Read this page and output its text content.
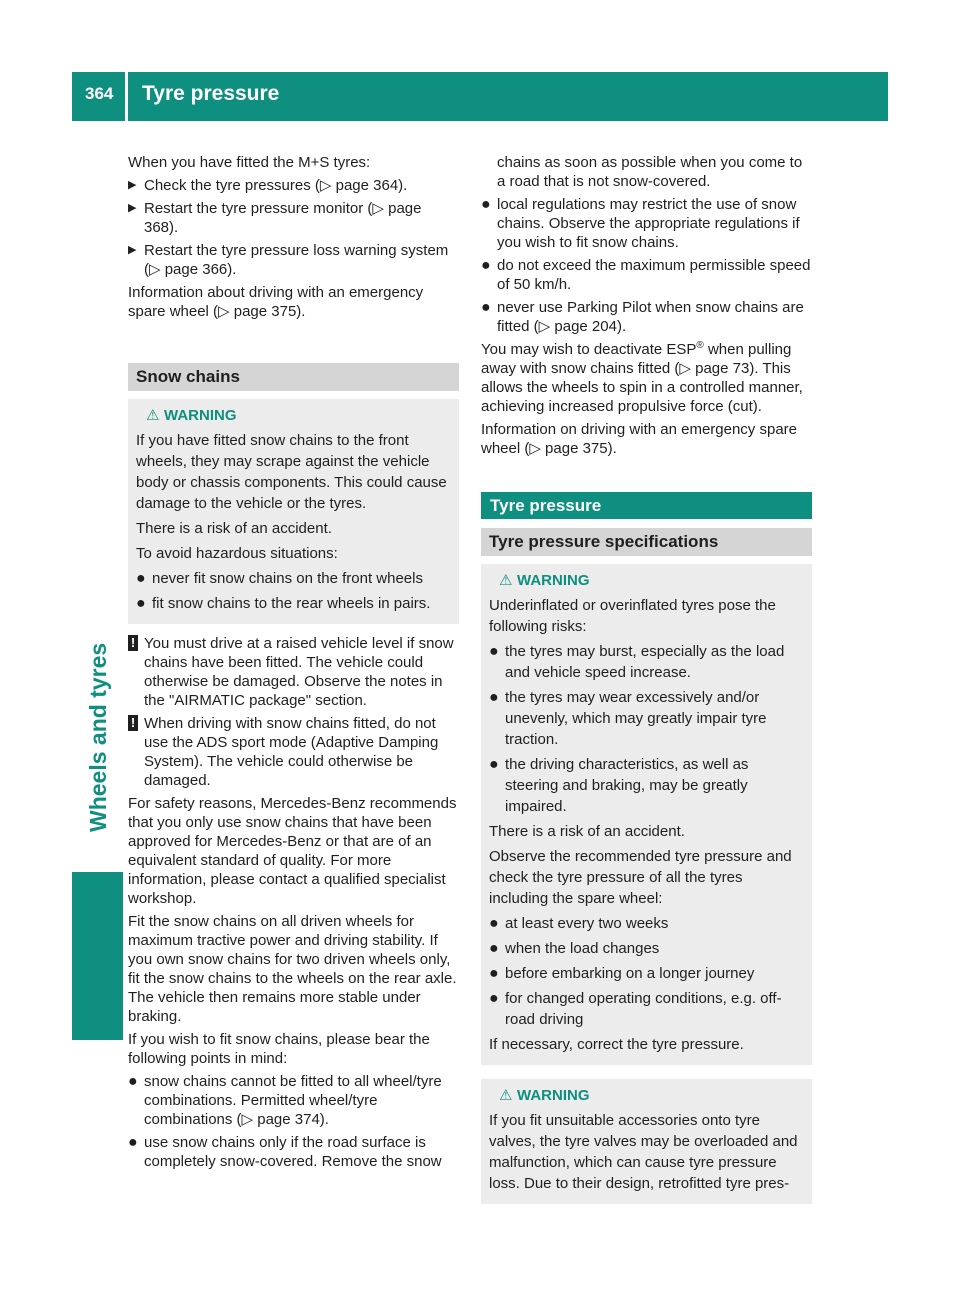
364 Tyre pressure
Wheels and tyres

When you have fitted the M+S tyres:

▶ Check the tyre pressures (▷ page 364).
▶ Restart the tyre pressure monitor (▷ page 368).
▶ Restart the tyre pressure loss warning system (▷ page 366).

Information about driving with an emergency spare wheel (▷ page 375).

Snow chains
⚠ WARNING

If you have fitted snow chains to the front wheels, they may scrape against the vehicle body or chassis components. This could cause damage to the vehicle or the tyres.

There is a risk of an accident.

To avoid hazardous situations:

● never fit snow chains on the front wheels
● fit snow chains to the rear wheels in pairs.
! You must drive at a raised vehicle level if snow chains have been fitted. The vehicle could otherwise be damaged. Observe the notes in the "AIRMATIC package" section.
! When driving with snow chains fitted, do not use the ADS sport mode (Adaptive Damping System). The vehicle could otherwise be damaged.

For safety reasons, Mercedes-Benz recommends that you only use snow chains that have been approved for Mercedes-Benz or that are of an equivalent standard of quality. For more information, please contact a qualified specialist workshop.

Fit the snow chains on all driven wheels for maximum tractive power and driving stability. If you own snow chains for two driven wheels only, fit the snow chains to the wheels on the rear axle. The vehicle then remains more stable under braking.

If you wish to fit snow chains, please bear the following points in mind:

● snow chains cannot be fitted to all wheel/tyre combinations. Permitted wheel/tyre combinations (▷ page 374).
● use snow chains only if the road surface is completely snow-covered. Remove the snow

chains as soon as possible when you come to a road that is not snow-covered.

● local regulations may restrict the use of snow chains. Observe the appropriate regulations if you wish to fit snow chains.
● do not exceed the maximum permissible speed of 50 km/h.
● never use Parking Pilot when snow chains are fitted (▷ page 204).

You may wish to deactivate ESP® when pulling away with snow chains fitted (▷ page 73). This allows the wheels to spin in a controlled manner, achieving increased propulsive force (cut).

Information on driving with an emergency spare wheel (▷ page 375).

Tyre pressure
Tyre pressure specifications
⚠ WARNING

Underinflated or overinflated tyres pose the following risks:

● the tyres may burst, especially as the load and vehicle speed increase.
● the tyres may wear excessively and/or unevenly, which may greatly impair tyre traction.
● the driving characteristics, as well as steering and braking, may be greatly impaired.

There is a risk of an accident.

Observe the recommended tyre pressure and check the tyre pressure of all the tyres including the spare wheel:

● at least every two weeks
● when the load changes
● before embarking on a longer journey
● for changed operating conditions, e.g. off-road driving

If necessary, correct the tyre pressure.

⚠ WARNING

If you fit unsuitable accessories onto tyre valves, the tyre valves may be overloaded and malfunction, which can cause tyre pressure loss. Due to their design, retrofitted tyre pres-
